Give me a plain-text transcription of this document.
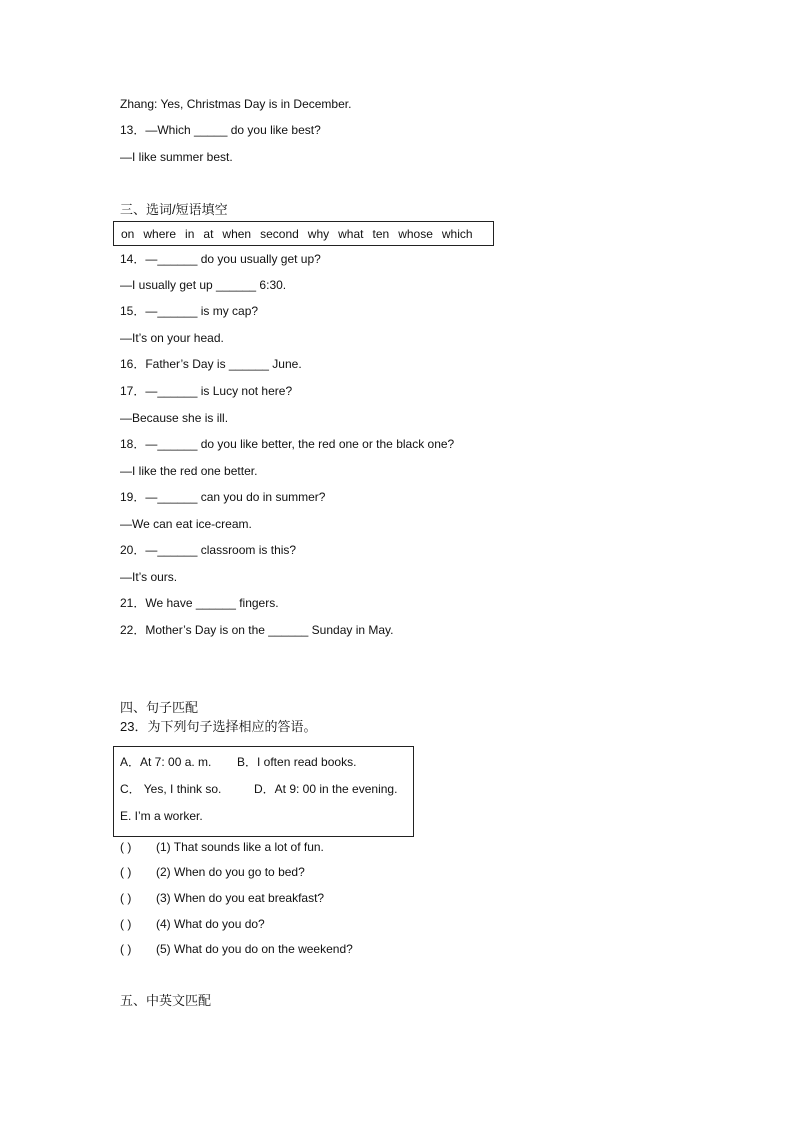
Zhang: Yes, Christmas Day is in December.
13．—Which _____ do you like best?
—I like summer best.
三、选词/短语填空
on where in at when second why what ten whose which
14．—______ do you usually get up?
—I usually get up ______ 6:30.
15．—______ is my cap?
—It’s on your head.
16．Father’s Day is ______ June.
17．—______ is Lucy not here?
—Because she is ill.
18．—______ do you like better, the red one or the black one?
—I like the red one better.
19．—______ can you do in summer?
—We can eat ice-cream.
20．—______ classroom is this?
—It’s ours.
21．We have ______ fingers.
22．Mother’s Day is on the ______ Sunday in May.
四、句子匹配
23．为下列句子选择相应的答语。
A．At 7: 00 a. m. B．I often read books.
C． Yes, I think so.	D．At 9: 00 in the evening.
E. I’m a worker.
( ) (1) That sounds like a lot of fun.
( ) (2) When do you go to bed?
( ) (3) When do you eat breakfast?
( ) (4) What do you do?
( ) (5) What do you do on the weekend?
五、中英文匹配
